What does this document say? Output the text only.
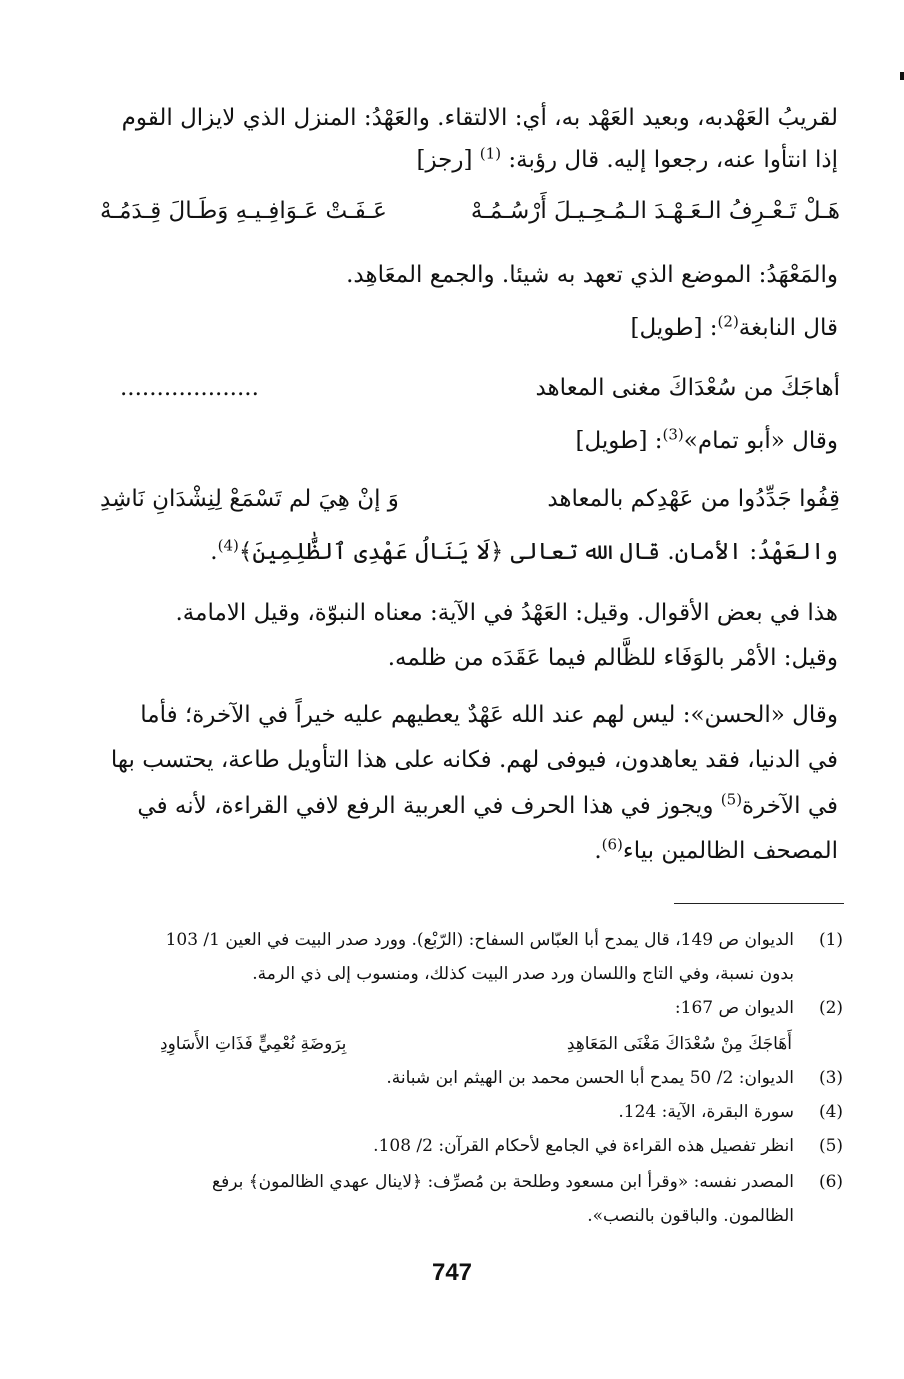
لقريبُ العَهْدبه، وبعيد العَهْد به، أي: الالتقاء. والعَهْدُ: المنزل الذي لايزال القوم

إذا انتأوا عنه، رجعوا إليه. قال رؤبة: $^{(1)}$ [رجز]

هَـلْ تَـعْـرِفُ الـعَـهْـدَ الـمُـحِـيـلَ أَرْسُـمُـهْ
عَـفَـتْ عَـوَافِـيـهِ وَطَـالَ قِـدَمُـهْ

والمَعْهَدُ: الموضع الذي تعهد به شيئا. والجمع المعَاهِد.

قال النابغة$^{(2)}$: [طويل]

أهاجَكَ من سُعْدَاكَ مغنى المعاهد
...................

وقال «أبو تمام»$^{(3)}$: [طويل]

قِفُوا جَدِّدُوا من عَهْدِكم بالمعاهد
وَ إنْ هِيَ لم تَسْمَعْ لِنِشْدَانِ نَاشِدِ

والعَهْدُ: الأمان. قال الله تعالى ﴿لَا يَنَالُ عَهْدِى ٱلظَّٰلِمِينَ﴾$^{(4)}$.

هذا في بعض الأقوال. وقيل: العَهْدُ في الآية: معناه النبوّة، وقيل الامامة.

وقيل: الأمْر بالوَفَاء للظَّالم فيما عَقَدَه من ظلمه.

وقال «الحسن»: ليس لهم عند الله عَهْدٌ يعطيهم عليه خيراً في الآخرة؛ فأما

في الدنيا، فقد يعاهدون، فيوفى لهم. فكانه على هذا التأويل طاعة، يحتسب بها

في الآخرة$^{(5)}$ ويجوز في هذا الحرف في العربية الرفع لافي القراءة، لأنه في

المصحف الظالمين بياء$^{(6)}$.

(1)
الديوان ص 149، قال يمدح أبا العبّاس السفاح: (الرّبْع). وورد صدر البيت في العين 1/ 103
بدون نسبة، وفي التاج واللسان ورد صدر البيت كذلك، ومنسوب إلى ذي الرمة.
(2)
الديوان ص 167:
أَهَاجَكَ مِنْ سُعْدَاكَ مَغْنَى المَعَاهِدِ
بِرَوضَةِ نُعْمِيٍّ فَذَاتِ الأَسَاوِدِ
(3)
الديوان: 2/ 50 يمدح أبا الحسن محمد بن الهيثم ابن شبانة.
(4)
سورة البقرة، الآية: 124.
(5)
انظر تفصيل هذه القراءة في الجامع لأحكام القرآن: 2/ 108.
(6)
المصدر نفسه: «وقرأ ابن مسعود وطلحة بن مُصرِّف: ﴿لاينال عهدي الظالمون﴾ برفع
الظالمون. والباقون بالنصب».
747
